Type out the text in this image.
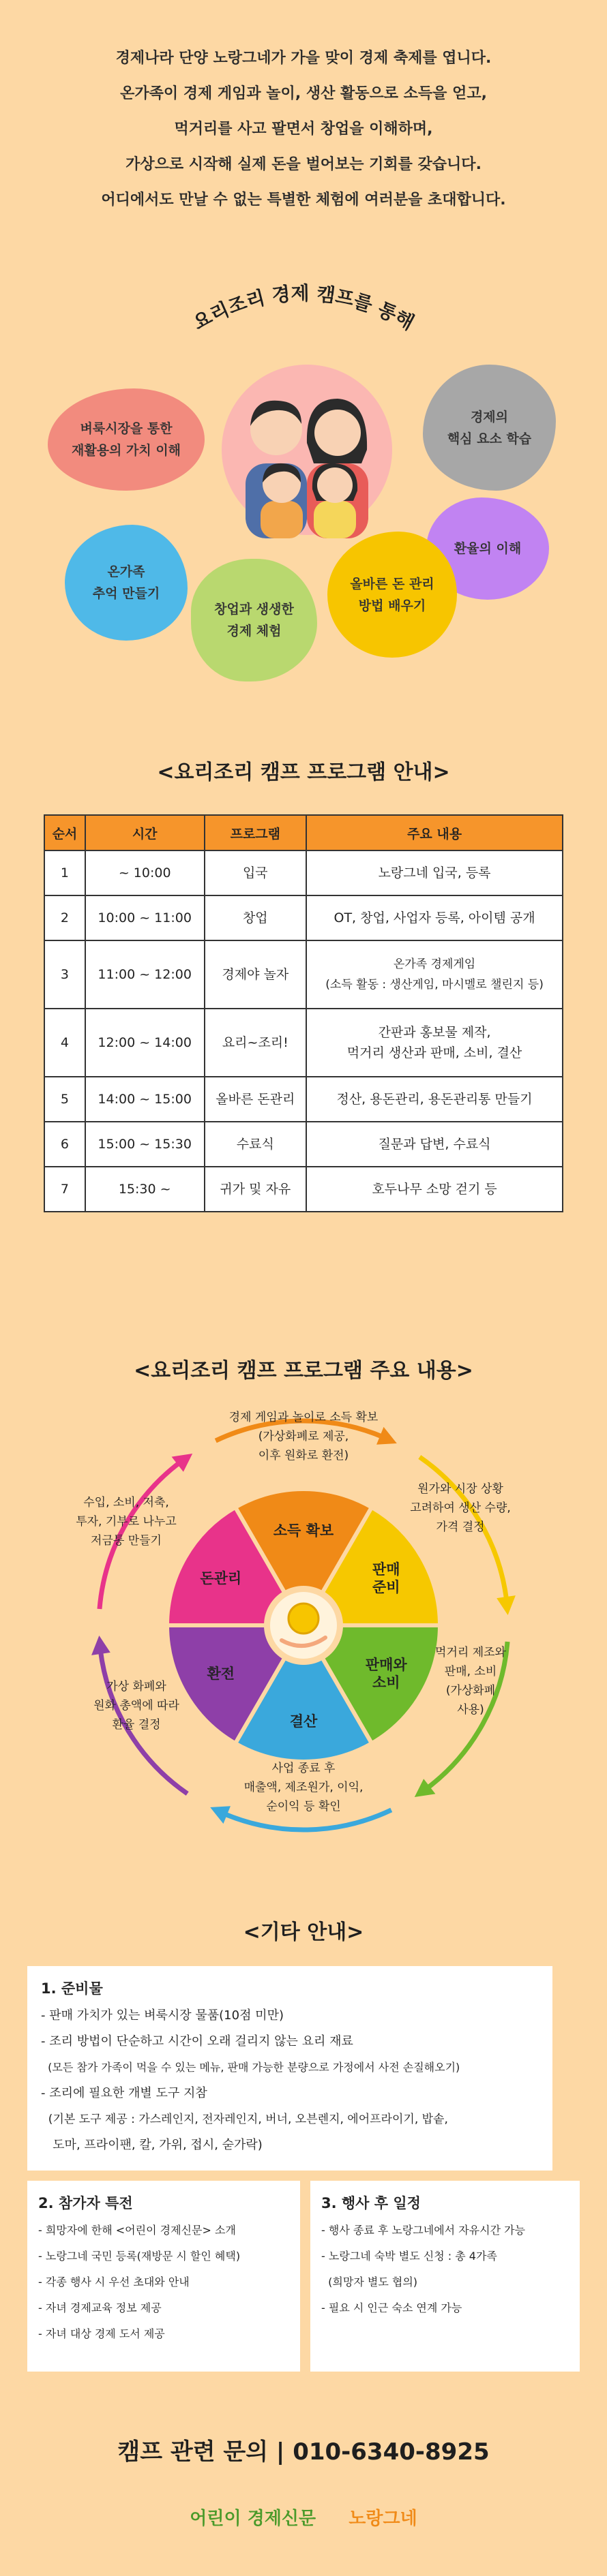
경제나라 단양 노랑그네가 가을 맞이 경제 축제를 엽니다.

온가족이 경제 게임과 놀이, 생산 활동으로 소득을 얻고,

먹거리를 사고 팔면서 창업을 이해하며,

가상으로 시작해 실제 돈을 벌어보는 기회를 갖습니다.

어디에서도 만날 수 없는 특별한 체험에 여러분을 초대합니다.

요리조리 경제 캠프를 통해
벼룩시장을 통한
재활용의 가치 이해
경제의
핵심 요소 학습
환율의 이해
온가족
추억 만들기
창업과 생생한
경제 체험
올바른 돈 관리
방법 배우기
<요리조리 캠프 프로그램 안내>
순서	시간	프로그램	주요 내용
1	~ 10:00	입국	노랑그네 입국, 등록
2	10:00 ~ 11:00	창업	OT, 창업, 사업자 등록, 아이템 공개
3	11:00 ~ 12:00	경제야 놀자	온가족 경제게임
(소득 활동 : 생산게임, 마시멜로 챌린지 등)
4	12:00 ~ 14:00	요리~조리!	간판과 홍보물 제작,
먹거리 생산과 판매, 소비, 결산
5	14:00 ~ 15:00	올바른 돈관리	정산, 용돈관리, 용돈관리통 만들기
6	15:00 ~ 15:30	수료식	질문과 답변, 수료식
7	15:30 ~	귀가 및 자유	호두나무 소망 걷기 등
<요리조리 캠프 프로그램 주요 내용>
소득 확보
판매 준비
판매와 소비
결산
환전
돈관리
경제 게임과 놀이로 소득 확보 (가상화폐로 제공, 이후 원화로 환전)
원가와 시장 상황 고려하여 생산 수량, 가격 결정
먹거리 제조와 판매, 소비 (가상화폐 사용)
사업 종료 후 매출액, 제조원가, 이익, 순이익 등 확인
가상 화폐와 원화 총액에 따라 환율 결정
수입, 소비, 저축, 투자, 기부로 나누고 저금통 만들기
<기타 안내>
1. 준비물
- 판매 가치가 있는 벼룩시장 물품(10점 미만)
- 조리 방법이 단순하고 시간이 오래 걸리지 않는 요리 재료
(모든 참가 가족이 먹을 수 있는 메뉴, 판매 가능한 분량으로 가정에서 사전 손질해오기)
- 조리에 필요한 개별 도구 지참
(기본 도구 제공 : 가스레인지, 전자레인지, 버너, 오븐렌지, 에어프라이기, 밥솥,
도마, 프라이팬, 칼, 가위, 접시, 숟가락)
2. 참가자 특전
- 희망자에 한해 <어린이 경제신문> 소개
- 노랑그네 국민 등록(재방문 시 할인 혜택)
- 각종 행사 시 우선 초대와 안내
- 자녀 경제교육 정보 제공
- 자녀 대상 경제 도서 제공
3. 행사 후 일정
- 행사 종료 후 노랑그네에서 자유시간 가능
- 노랑그네 숙박 별도 신청 : 총 4가족
(희망자 별도 협의)
- 필요 시 인근 숙소 연계 가능
캠프 관련 문의 | 010-6340-8925
어린이 경제신문 노랑그네
